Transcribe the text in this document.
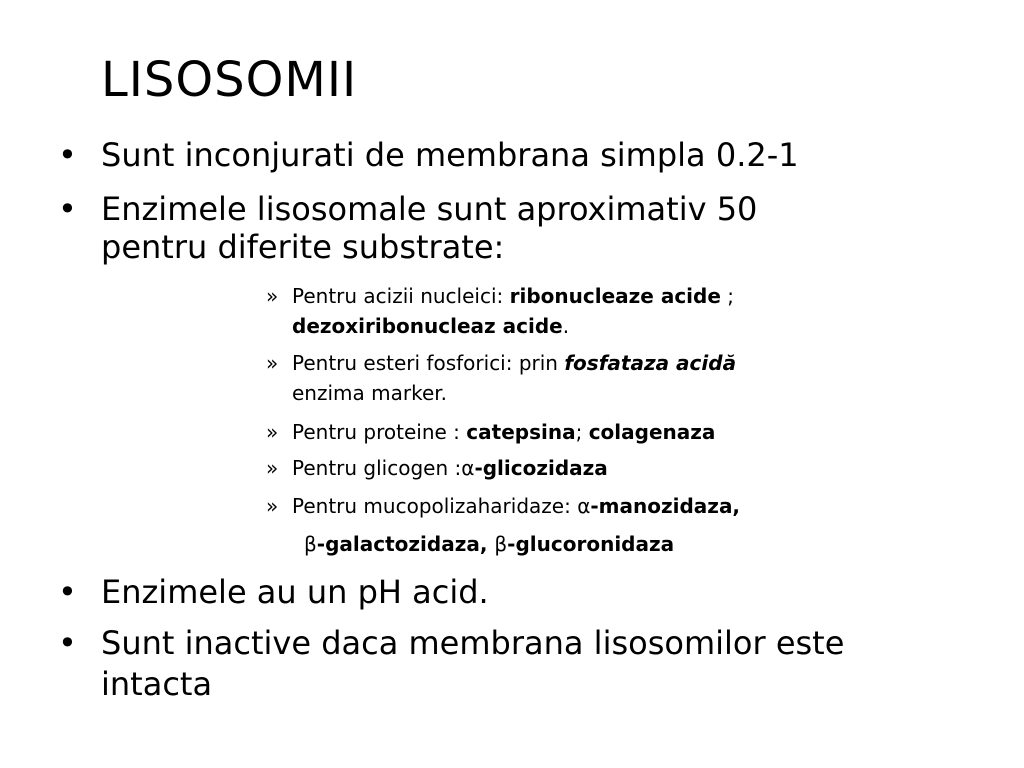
LISOSOMII
• Sunt inconjurati de membrana simpla 0.2-1
• Enzimele lisosomale sunt aproximativ 50
pentru diferite substrate:
» Pentru acizii nucleici: ribonucleaze acide ;
dezoxiribonucleaz acide.
» Pentru esteri fosforici: prin fosfataza acidă
enzima marker.
» Pentru proteine : catepsina; colagenaza
» Pentru glicogen :α-glicozidaza
» Pentru mucopolizaharidaze: α-manozidaza,
β-galactozidaza, β-glucoronidaza
• Enzimele au un pH acid.
• Sunt inactive daca membrana lisosomilor este
intacta
